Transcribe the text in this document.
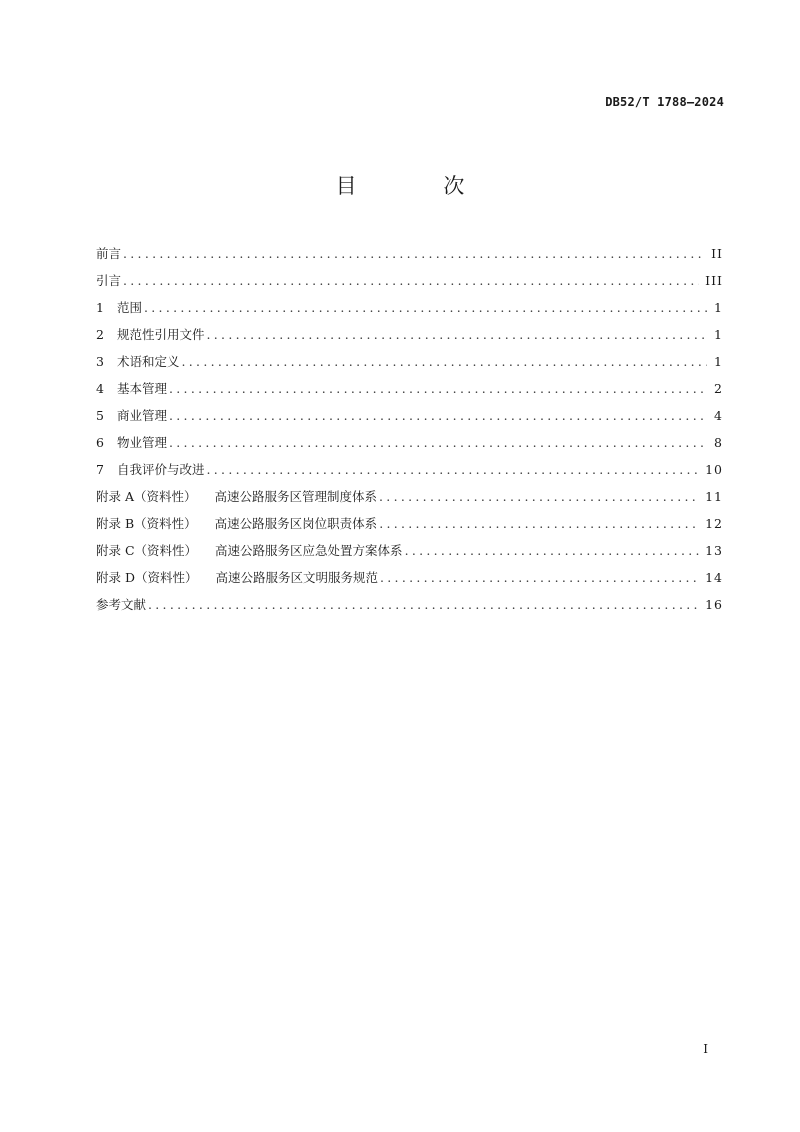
DB52/T 1788—2024
目 次
前言 .....	II
引言 .....	III
1 范围 .....	1
2 规范性引用文件 .....	1
3 术语和定义 .....	1
4 基本管理 .....	2
5 商业管理 .....	4
6 物业管理 .....	8
7 自我评价与改进 .....	10
附录 A（资料性） 高速公路服务区管理制度体系 .....	11
附录 B（资料性） 高速公路服务区岗位职责体系 .....	12
附录 C（资料性） 高速公路服务区应急处置方案体系 .....	13
附录 D（资料性） 高速公路服务区文明服务规范 .....	14
参考文献 .....	16
I
